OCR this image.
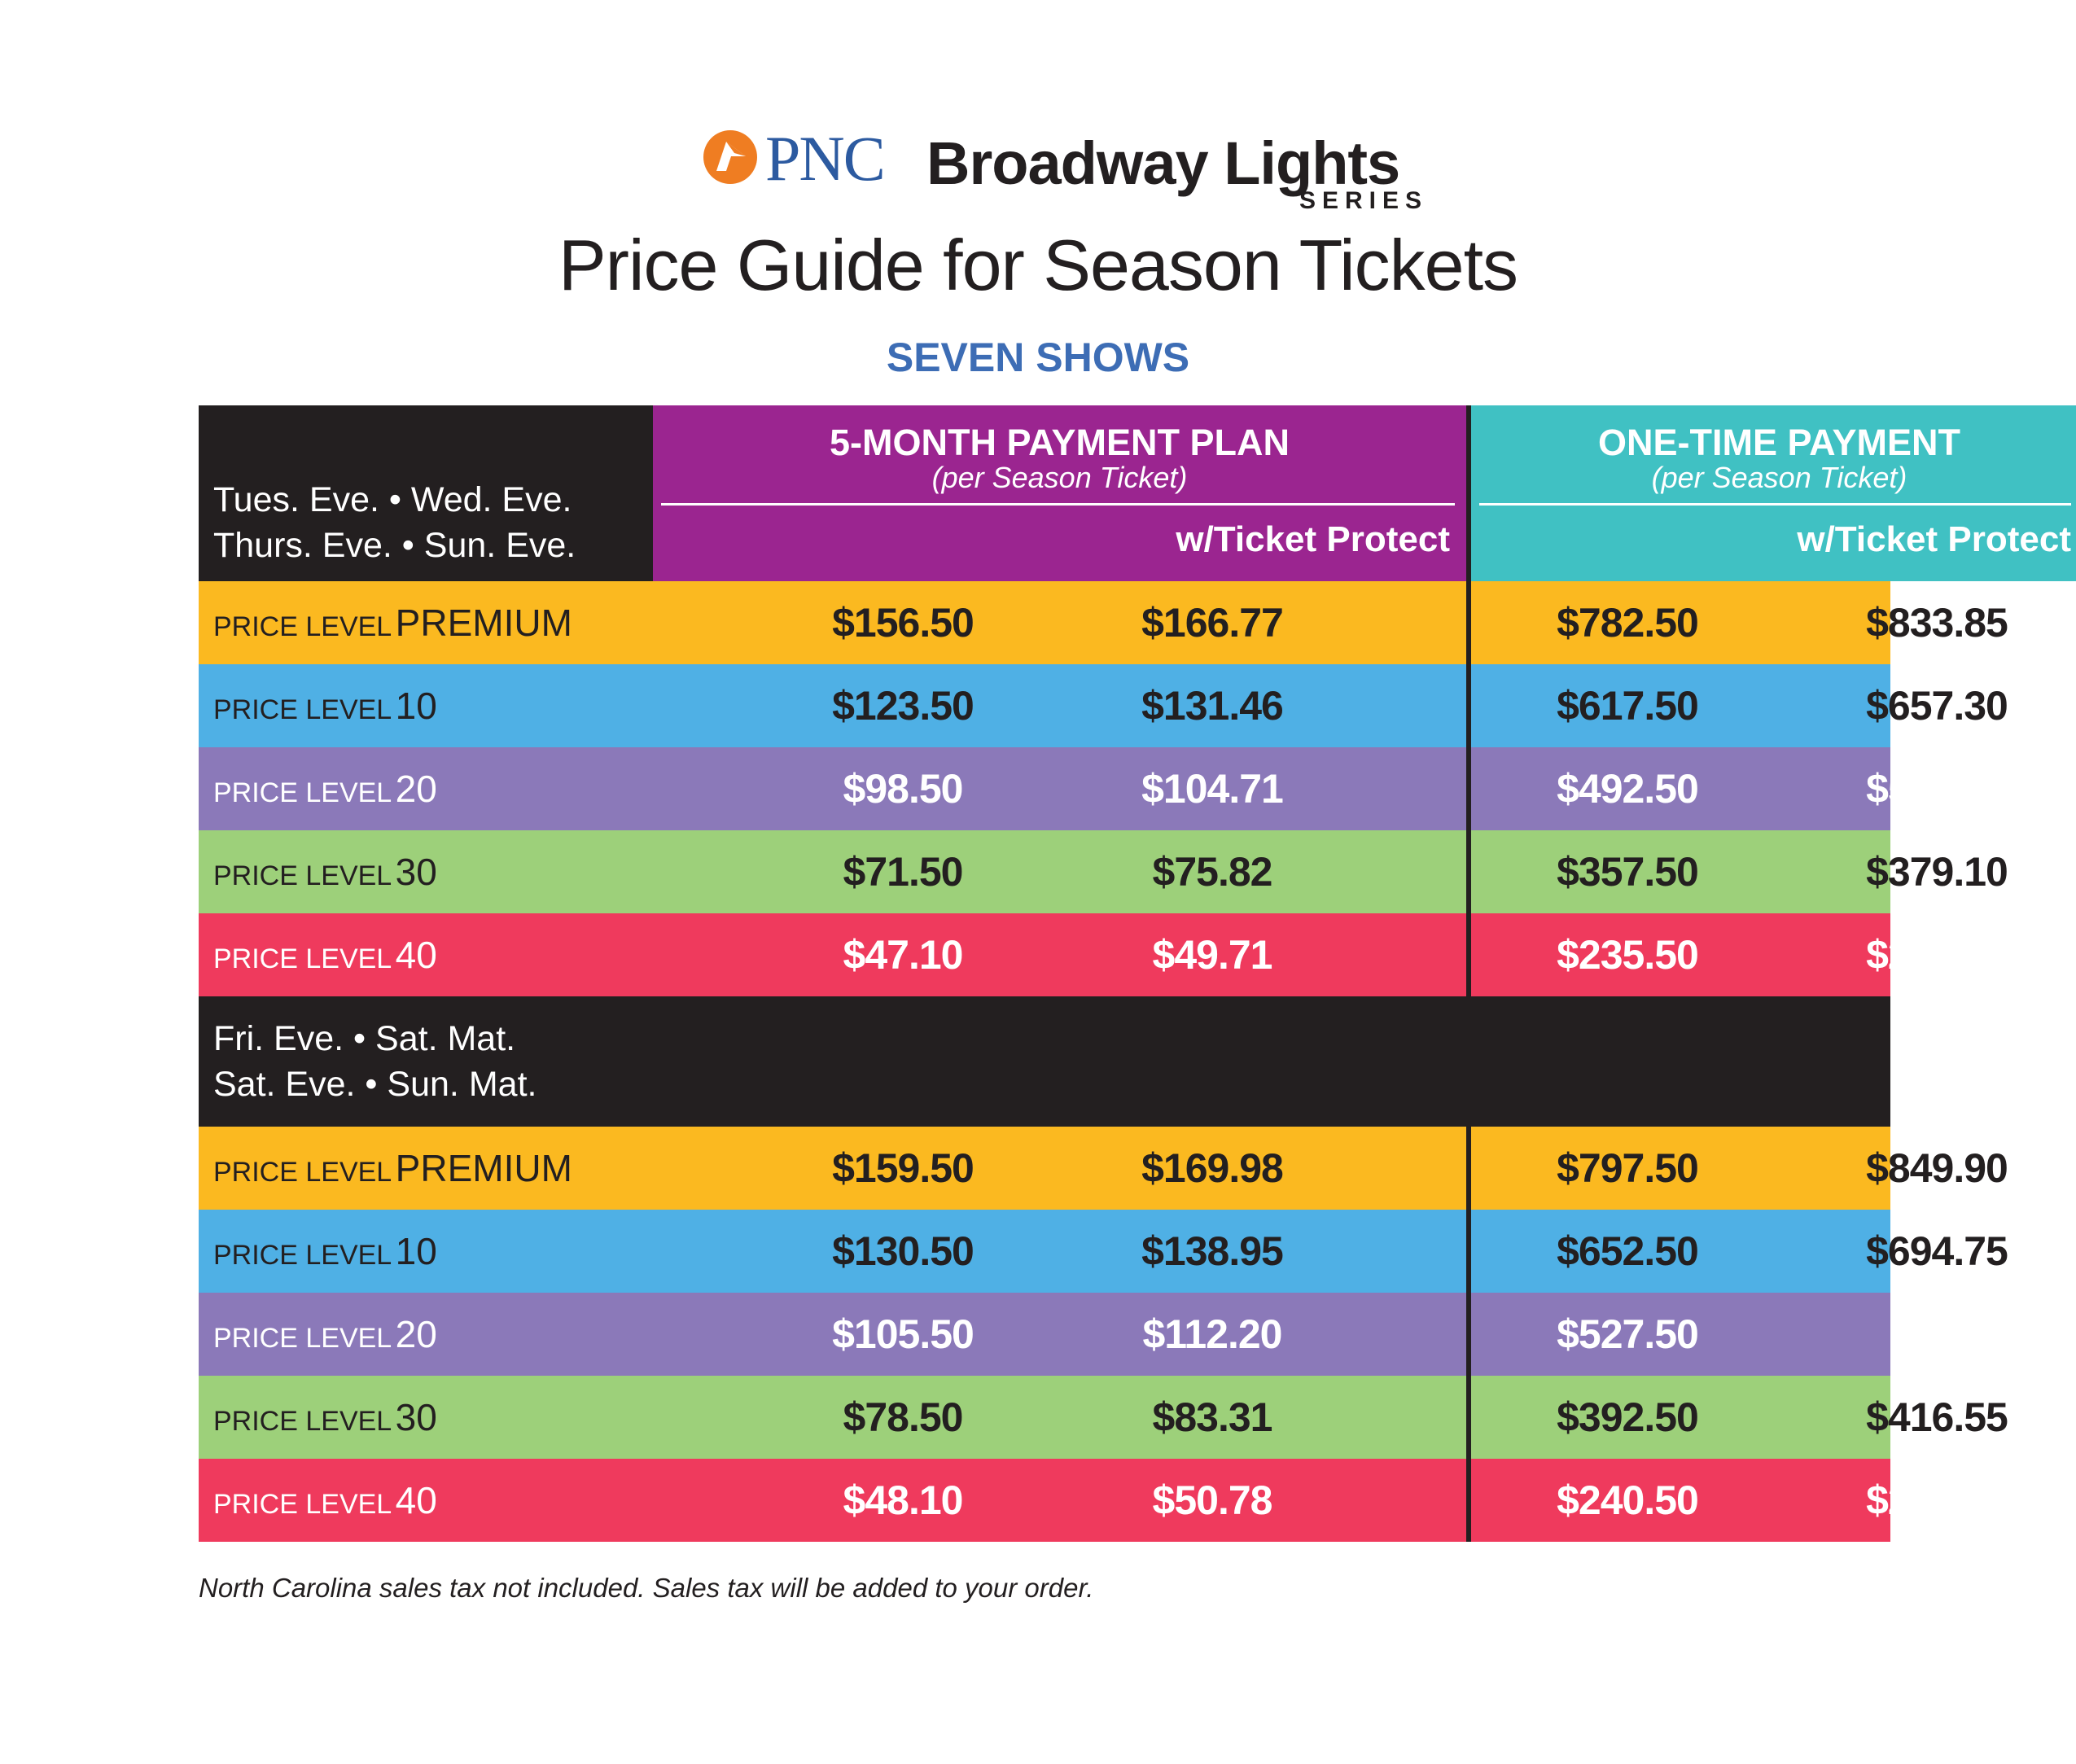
PNC Broadway Lights
SERIES
Price Guide for Season Tickets
SEVEN SHOWS
Tues. Eve. • Wed. Eve.
Thurs. Eve. • Sun. Eve.
5-MONTH PAYMENT PLAN
(per Season Ticket)
w/Ticket Protect
ONE-TIME PAYMENT
(per Season Ticket)
w/Ticket Protect
PRICE LEVEL PREMIUM	$156.50	$166.77	$782.50	$833.85
PRICE LEVEL 10	$123.50	$131.46	$617.50	$657.30
PRICE LEVEL 20	$98.50	$104.71	$492.50	$523.55
PRICE LEVEL 30	$71.50	$75.82	$357.50	$379.10
PRICE LEVEL 40	$47.10	$49.71	$235.50	$248.56
Fri. Eve. • Sat. Mat.
Sat. Eve. • Sun. Mat.
PRICE LEVEL PREMIUM	$159.50	$169.98	$797.50	$849.90
PRICE LEVEL 10	$130.50	$138.95	$652.50	$694.75
PRICE LEVEL 20	$105.50	$112.20	$527.50	$561
PRICE LEVEL 30	$78.50	$83.31	$392.50	$416.55
PRICE LEVEL 40	$48.10	$50.78	$240.50	$253.91
North Carolina sales tax not included. Sales tax will be added to your order.
